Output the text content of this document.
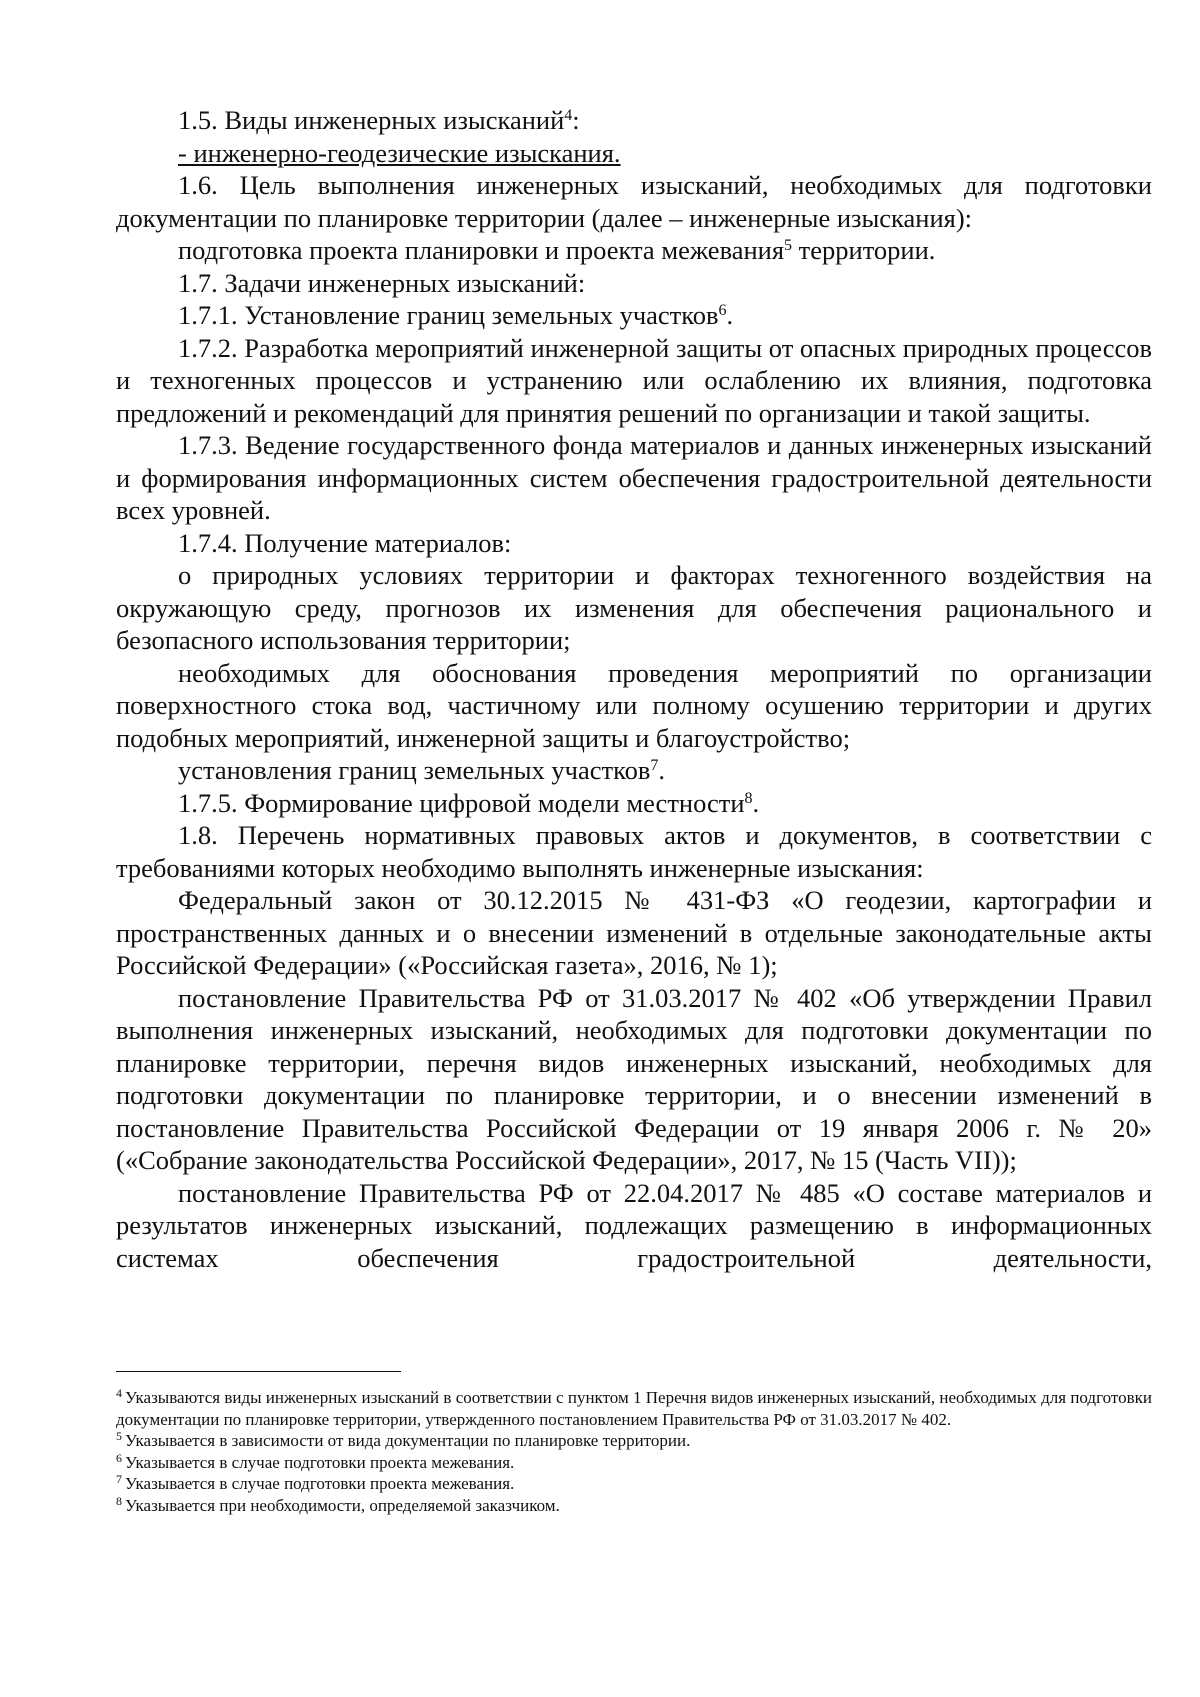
1.5. Виды инженерных изысканий$^4$:

- инженерно-геодезические изыскания.

1.6. Цель выполнения инженерных изысканий, необходимых для подготовки документации по планировке территории (далее – инженерные изыскания):

подготовка проекта планировки и проекта межевания$^5$ территории.

1.7. Задачи инженерных изысканий:

1.7.1. Установление границ земельных участков$^6$.

1.7.2. Разработка мероприятий инженерной защиты от опасных природных процессов и техногенных процессов и устранению или ослаблению их влияния, подготовка предложений и рекомендаций для принятия решений по организации и такой защиты.

1.7.3. Ведение государственного фонда материалов и данных инженерных изысканий и формирования информационных систем обеспечения градостроительной деятельности всех уровней.

1.7.4. Получение материалов:

о природных условиях территории и факторах техногенного воздействия на окружающую среду, прогнозов их изменения для обеспечения рационального и безопасного использования территории;

необходимых для обоснования проведения мероприятий по организации поверхностного стока вод, частичному или полному осушению территории и других подобных мероприятий, инженерной защиты и благоустройство;

установления границ земельных участков$^7$.

1.7.5. Формирование цифровой модели местности$^8$.

1.8. Перечень нормативных правовых актов и документов, в соответствии с требованиями которых необходимо выполнять инженерные изыскания:

Федеральный закон от 30.12.2015 № 431-ФЗ «О геодезии, картографии и пространственных данных и о внесении изменений в отдельные законодательные акты Российской Федерации» («Российская газета», 2016, № 1);

постановление Правительства РФ от 31.03.2017 № 402 «Об утверждении Правил выполнения инженерных изысканий, необходимых для подготовки документации по планировке территории, перечня видов инженерных изысканий, необходимых для подготовки документации по планировке территории, и о внесении изменений в постановление Правительства Российской Федерации от 19 января 2006 г. № 20» («Собрание законодательства Российской Федерации», 2017, № 15 (Часть VII));

постановление Правительства РФ от 22.04.2017 № 485 «О составе материалов и результатов инженерных изысканий, подлежащих размещению в информационных системах обеспечения градостроительной деятельности,

$^4$ Указываются виды инженерных изысканий в соответствии с пунктом 1 Перечня видов инженерных изысканий, необходимых для подготовки документации по планировке территории, утвержденного постановлением Правительства РФ от 31.03.2017 № 402.

$^5$ Указывается в зависимости от вида документации по планировке территории.

$^6$ Указывается в случае подготовки проекта межевания.

$^7$ Указывается в случае подготовки проекта межевания.

$^8$ Указывается при необходимости, определяемой заказчиком.
